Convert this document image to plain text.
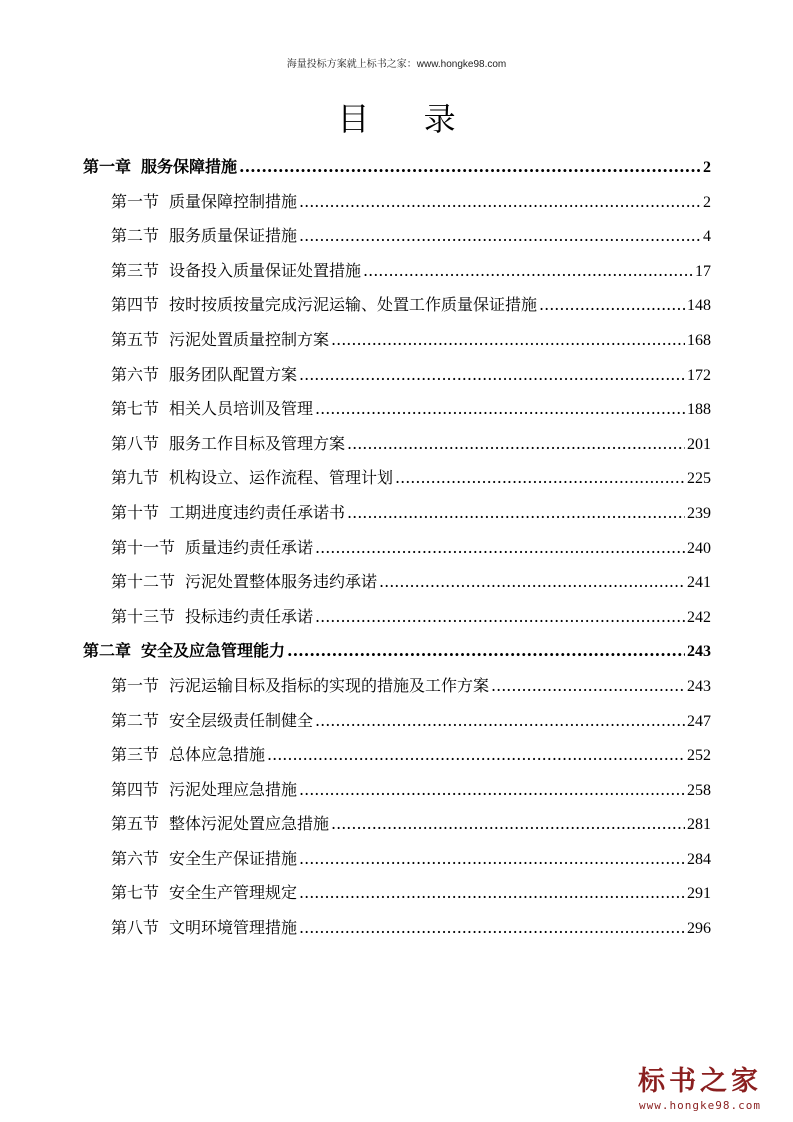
海量投标方案就上标书之家：www.hongke98.com
目 录
第一章 服务保障措施 .....	2
第一节 质量保障控制措施 .....	2
第二节 服务质量保证措施 .....	4
第三节 设备投入质量保证处置措施 .....	17
第四节 按时按质按量完成污泥运输、处置工作质量保证措施 .....	148
第五节 污泥处置质量控制方案 .....	168
第六节 服务团队配置方案 .....	172
第七节 相关人员培训及管理 .....	188
第八节 服务工作目标及管理方案 .....	201
第九节 机构设立、运作流程、管理计划 .....	225
第十节 工期进度违约责任承诺书 .....	239
第十一节 质量违约责任承诺 .....	240
第十二节 污泥处置整体服务违约承诺 .....	241
第十三节 投标违约责任承诺 .....	242
第二章 安全及应急管理能力 .....	243
第一节 污泥运输目标及指标的实现的措施及工作方案 .....	243
第二节 安全层级责任制健全 .....	247
第三节 总体应急措施 .....	252
第四节 污泥处理应急措施 .....	258
第五节 整体污泥处置应急措施 .....	281
第六节 安全生产保证措施 .....	284
第七节 安全生产管理规定 .....	291
第八节 文明环境管理措施 .....	296
标书之家
www.hongke98.com
